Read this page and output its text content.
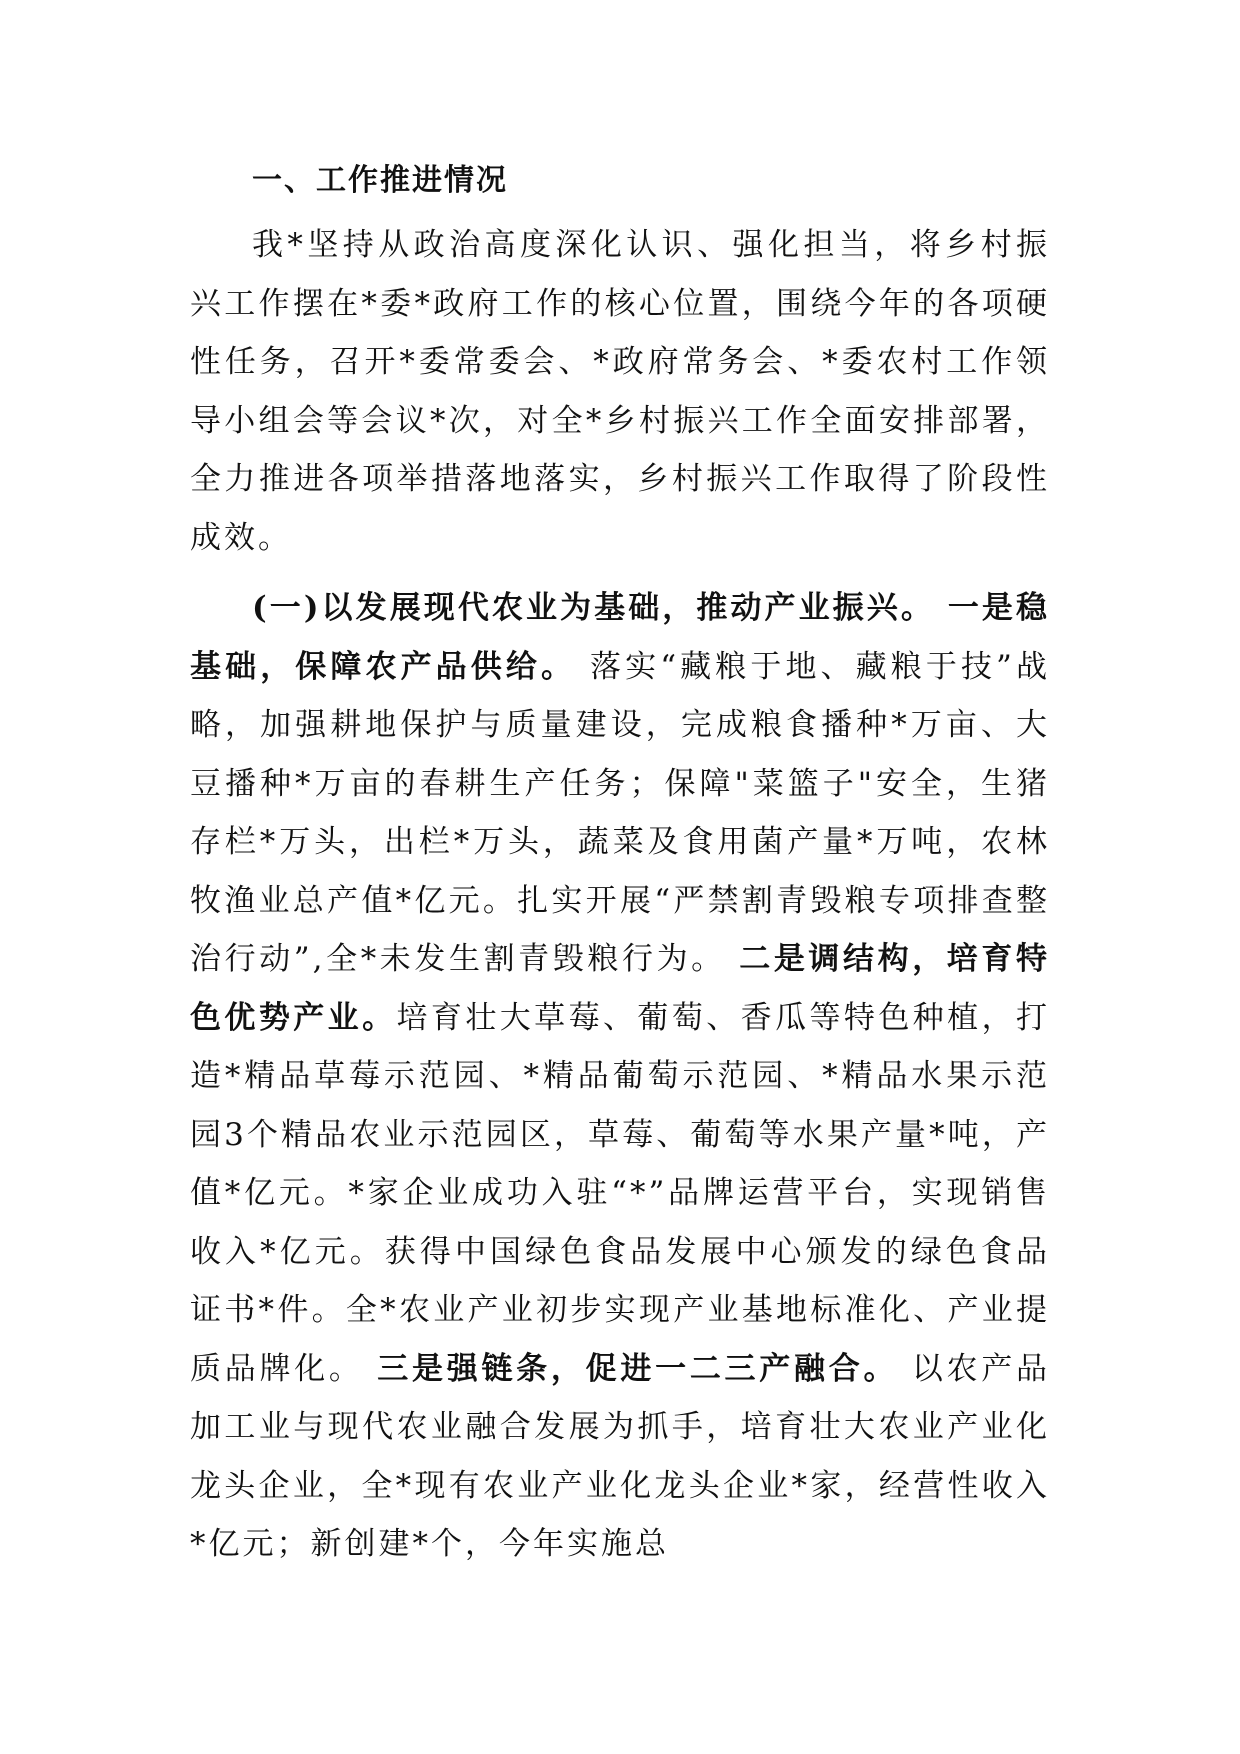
一、工作推进情况

我*坚持从政治高度深化认识、强化担当，将乡村振兴工作摆在*委*政府工作的核心位置，围绕今年的各项硬性任务，召开*委常委会、*政府常务会、*委农村工作领导小组会等会议*次，对全*乡村振兴工作全面安排部署，全力推进各项举措落地落实，乡村振兴工作取得了阶段性成效。

(一)以发展现代农业为基础，推动产业振兴。 一是稳基础，保障农产品供给。 落实“藏粮于地、藏粮于技”战略，加强耕地保护与质量建设，完成粮食播种*万亩、大豆播种*万亩的春耕生产任务；保障"菜篮子"安全，生猪存栏*万头，出栏*万头，蔬菜及食用菌产量*万吨，农林牧渔业总产值*亿元。扎实开展“严禁割青毁粮专项排查整治行动”,全*未发生割青毁粮行为。 二是调结构，培育特色优势产业。培育壮大草莓、葡萄、香瓜等特色种植，打造*精品草莓示范园、*精品葡萄示范园、*精品水果示范园3个精品农业示范园区，草莓、葡萄等水果产量*吨，产值*亿元。*家企业成功入驻“*”品牌运营平台，实现销售收入*亿元。获得中国绿色食品发展中心颁发的绿色食品证书*件。全*农业产业初步实现产业基地标准化、产业提质品牌化。 三是强链条，促进一二三产融合。 以农产品加工业与现代农业融合发展为抓手，培育壮大农业产业化龙头企业，全*现有农业产业化龙头企业*家，经营性收入*亿元；新创建*个，今年实施总
